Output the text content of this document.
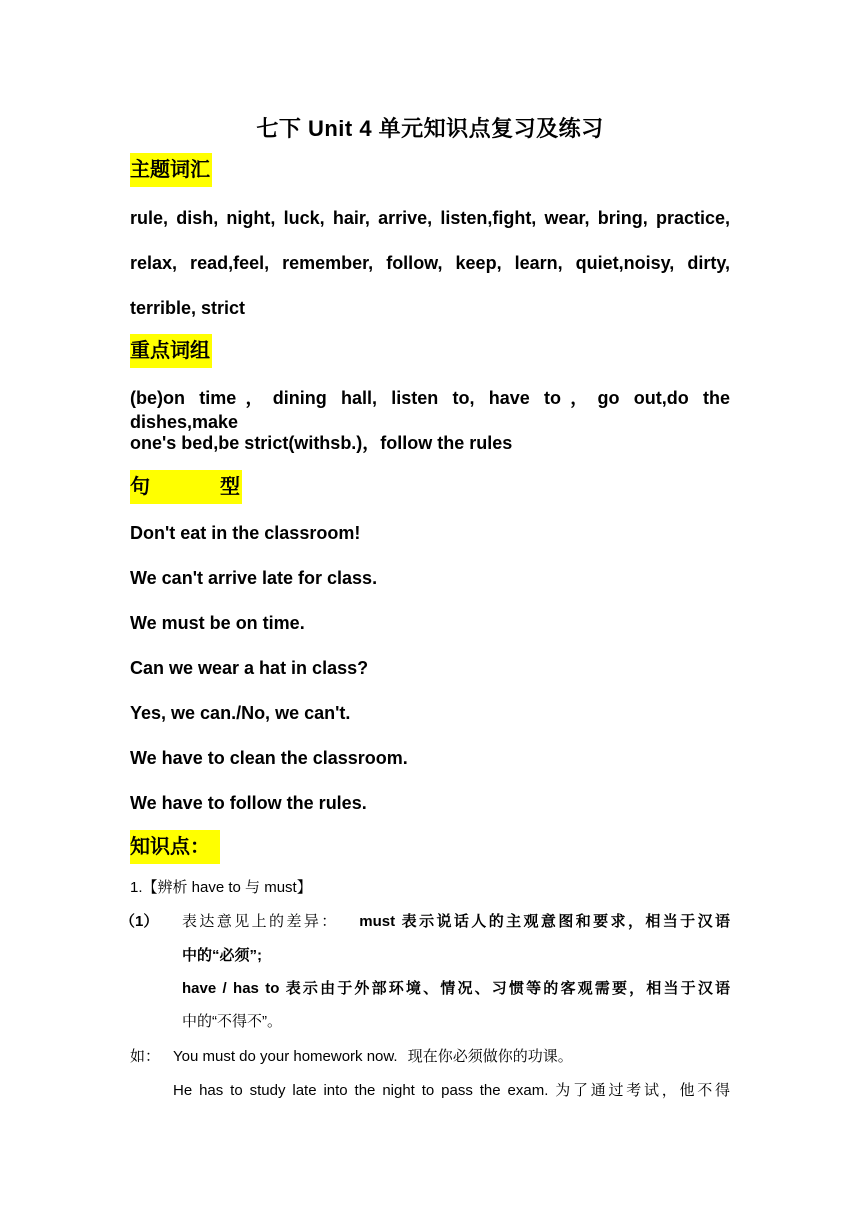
七下 Unit 4 单元知识点复习及练习
主题词汇
rule, dish, night, luck, hair, arrive, listen,fight, wear, bring, practice,
relax, read,feel, remember, follow, keep, learn, quiet,noisy, dirty,
terrible, strict
重点词组
(be)on time，dining hall, listen to, have to，go out,do the dishes,make
one's bed,be strict(withsb.)，follow the rules
句	型
Don't eat in the classroom!
We can't arrive late for class.
We must be on time.
Can we wear a hat in class?
Yes, we can./No, we can't.
We have to clean the classroom.
We have to follow the rules.
知识点：
1.【辨析 have to 与 must】
（1） 表达意见上的差异： must 表示说话人的主观意图和要求，相当于汉语
中的“必须”;
have / has to 表示由于外部环境、情况、习惯等的客观需要，相当于汉语
中的“不得不”。
如： You must do your homework now. 现在你必须做你的功课。
He has to study late into the night to pass the exam. 为了通过考试，他不得
